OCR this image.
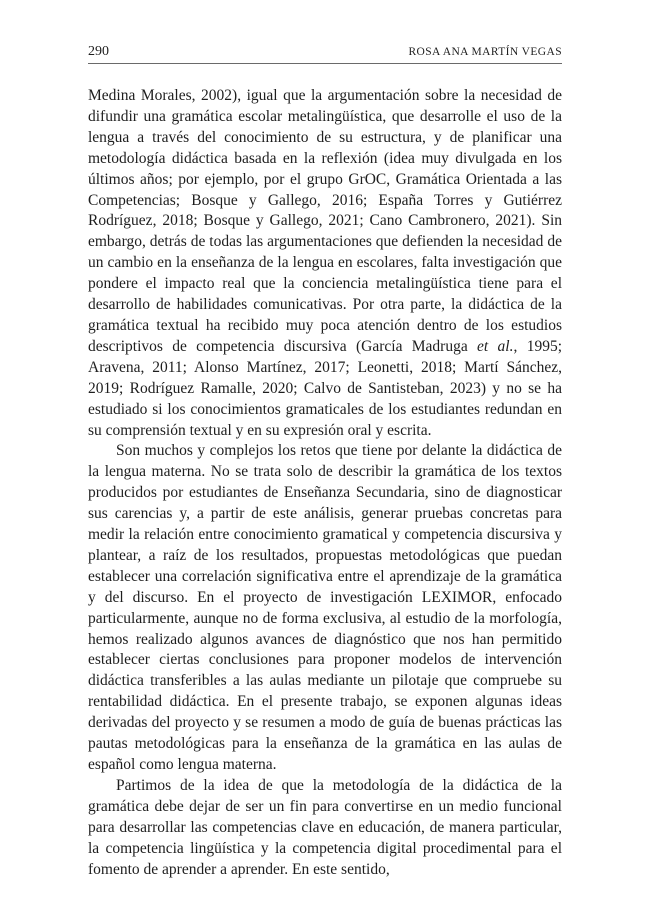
290	ROSA ANA MARTÍN VEGAS

Medina Morales, 2002), igual que la argumentación sobre la necesidad de difundir una gramática escolar metalingüística, que desarrolle el uso de la lengua a través del conocimiento de su estructura, y de planificar una metodología didáctica basada en la reflexión (idea muy divulgada en los últimos años; por ejemplo, por el grupo GrOC, Gramática Orientada a las Competencias; Bosque y Gallego, 2016; España Torres y Gutiérrez Rodríguez, 2018; Bosque y Gallego, 2021; Cano Cambronero, 2021). Sin embargo, detrás de todas las argumentaciones que defienden la necesidad de un cambio en la enseñanza de la lengua en escolares, falta investigación que pondere el impacto real que la conciencia metalingüística tiene para el desarrollo de habilidades comunicativas. Por otra parte, la didáctica de la gramática textual ha recibido muy poca atención dentro de los estudios descriptivos de competencia discursiva (García Madruga et al., 1995; Aravena, 2011; Alonso Martínez, 2017; Leonetti, 2018; Martí Sánchez, 2019; Rodríguez Ramalle, 2020; Calvo de Santisteban, 2023) y no se ha estudiado si los conocimientos gramaticales de los estudiantes redundan en su comprensión textual y en su expresión oral y escrita.

Son muchos y complejos los retos que tiene por delante la didáctica de la lengua materna. No se trata solo de describir la gramática de los textos producidos por estudiantes de Enseñanza Secundaria, sino de diagnosticar sus carencias y, a partir de este análisis, generar pruebas concretas para medir la relación entre conocimiento gramatical y competencia discursiva y plantear, a raíz de los resultados, propuestas metodológicas que puedan establecer una correlación significativa entre el aprendizaje de la gramática y del discurso. En el proyecto de investigación LEXIMOR, enfocado particularmente, aunque no de forma exclusiva, al estudio de la morfología, hemos realizado algunos avances de diagnóstico que nos han permitido establecer ciertas conclusiones para proponer modelos de intervención didáctica transferibles a las aulas mediante un pilotaje que compruebe su rentabilidad didáctica. En el presente trabajo, se exponen algunas ideas derivadas del proyecto y se resumen a modo de guía de buenas prácticas las pautas metodológicas para la enseñanza de la gramática en las aulas de español como lengua materna.

Partimos de la idea de que la metodología de la didáctica de la gramática debe dejar de ser un fin para convertirse en un medio funcional para desarrollar las competencias clave en educación, de manera particular, la competencia lingüística y la competencia digital procedimental para el fomento de aprender a aprender. En este sentido,
